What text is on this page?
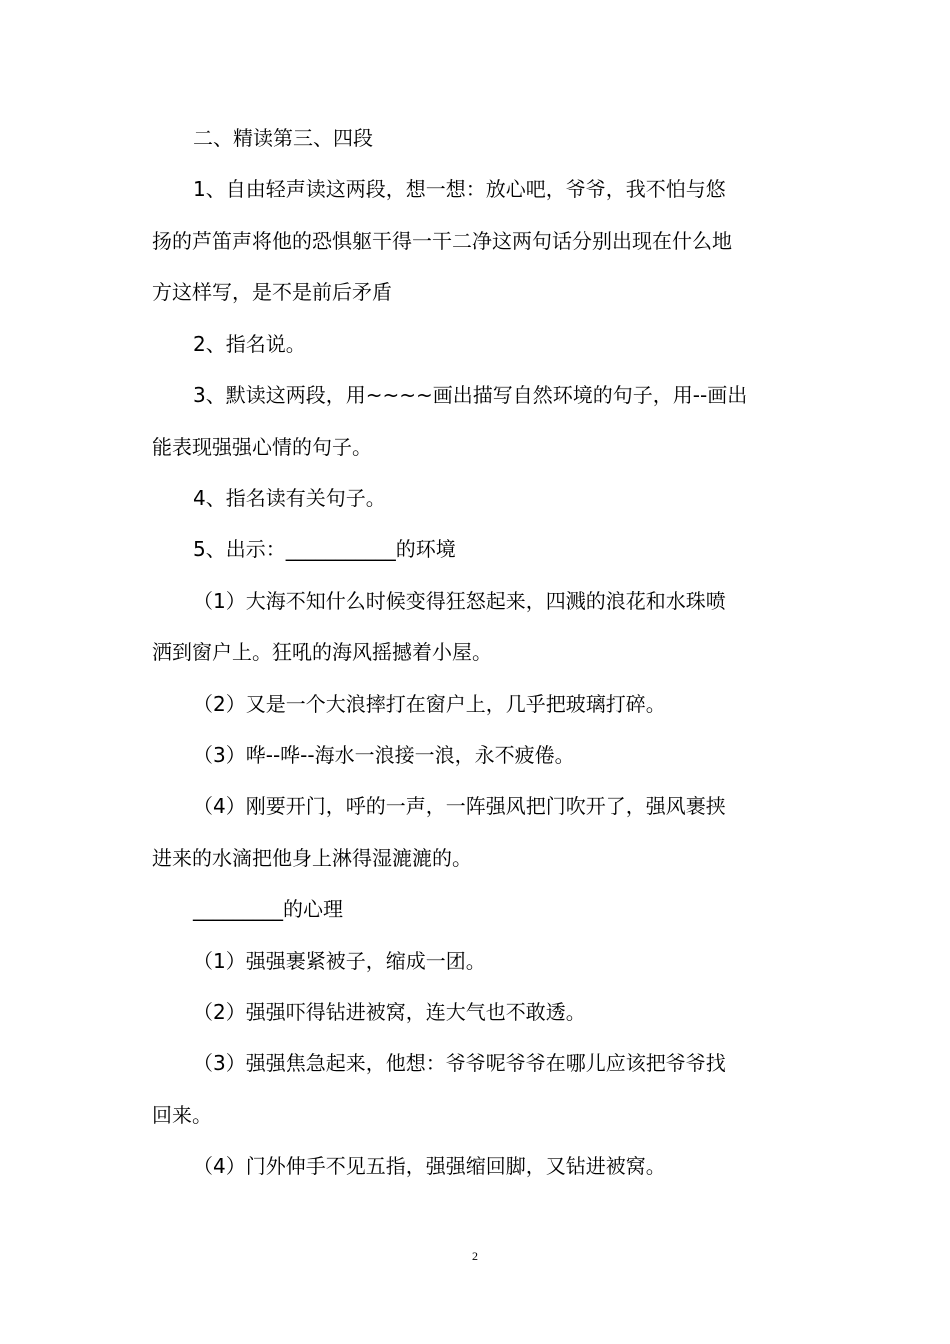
二、精读第三、四段
1、自由轻声读这两段，想一想：放心吧，爷爷，我不怕与悠
扬的芦笛声将他的恐惧躯干得一干二净这两句话分别出现在什么地
方这样写，是不是前后矛盾
2、指名说。
3、默读这两段，用~~~~画出描写自然环境的句子，用--画出
能表现强强心情的句子。
4、指名读有关句子。
5、出示：___________的环境
（1）大海不知什么时候变得狂怒起来，四溅的浪花和水珠喷
洒到窗户上。狂吼的海风摇撼着小屋。
（2）又是一个大浪摔打在窗户上，几乎把玻璃打碎。
（3）哗--哗--海水一浪接一浪，永不疲倦。
（4）刚要开门，呼的一声，一阵强风把门吹开了，强风裹挟
进来的水滴把他身上淋得湿漉漉的。
_________的心理
（1）强强裹紧被子，缩成一团。
（2）强强吓得钻进被窝，连大气也不敢透。
（3）强强焦急起来，他想：爷爷呢爷爷在哪儿应该把爷爷找
回来。
（4）门外伸手不见五指，强强缩回脚，又钻进被窝。
2
